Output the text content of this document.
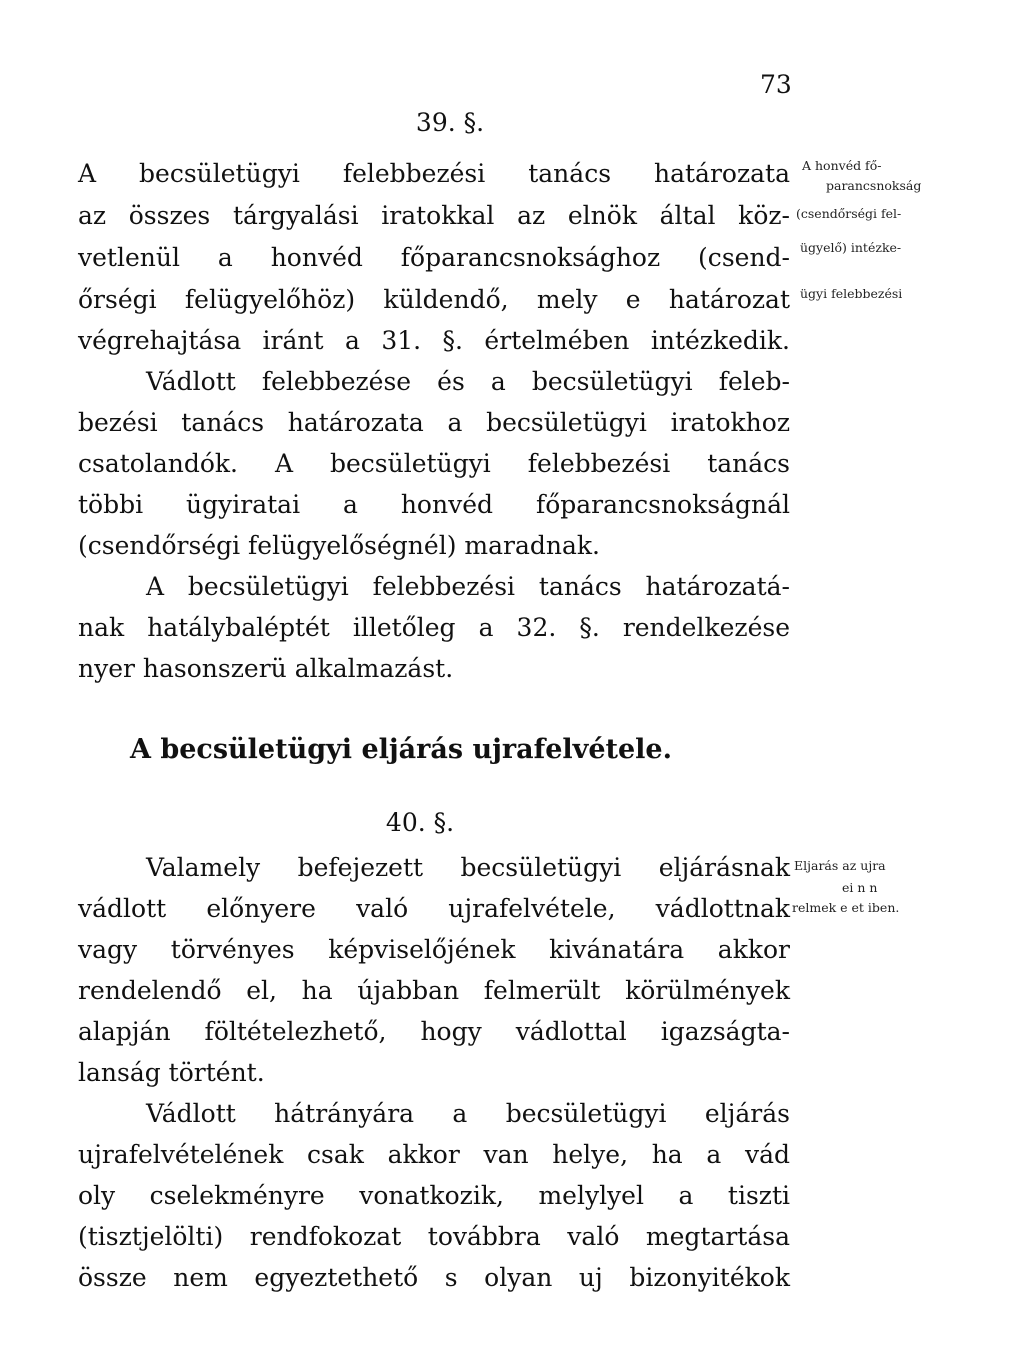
73
39. §.
A becsületügyi felebbezési tanács határozata
az összes tárgyalási iratokkal az elnök által köz-
vetlenül a honvéd főparancsnoksághoz (csend-
őrségi felügyelőhöz) küldendő, mely e határozat
végrehajtása iránt a 31. §. értelmében intézkedik.
Vádlott felebbezése és a becsületügyi feleb-
bezési tanács határozata a becsületügyi iratokhoz
csatolandók. A becsületügyi felebbezési tanács
többi ügyiratai a honvéd főparancsnokságnál
(csendőrségi felügyelőségnél) maradnak.
A becsületügyi felebbezési tanács határozatá-
nak hatálybaléptét illetőleg a 32. §. rendelkezése
nyer hasonszerü alkalmazást.
A honvéd fő-
parancsnokság
(csendőrségi fel-
ügyelő) intézke-
ügyi felebbezési
A becsületügyi eljárás ujrafelvétele.
40. §.
Valamely befejezett becsületügyi eljárásnak
vádlott előnyere való ujrafelvétele, vádlottnak
vagy törvényes képviselőjének kivánatára akkor
rendelendő el, ha újabban felmerült körülmények
alapján föltételezhető, hogy vádlottal igazságta-
lanság történt.
Vádlott hátrányára a becsületügyi eljárás
ujrafelvételének csak akkor van helye, ha a vád
oly cselekményre vonatkozik, melylyel a tiszti
(tisztjelölti) rendfokozat továbbra való megtartása
össze nem egyeztethető s olyan uj bizonyitékok
Eljarás az ujra
ei n n
relmek e et iben.
